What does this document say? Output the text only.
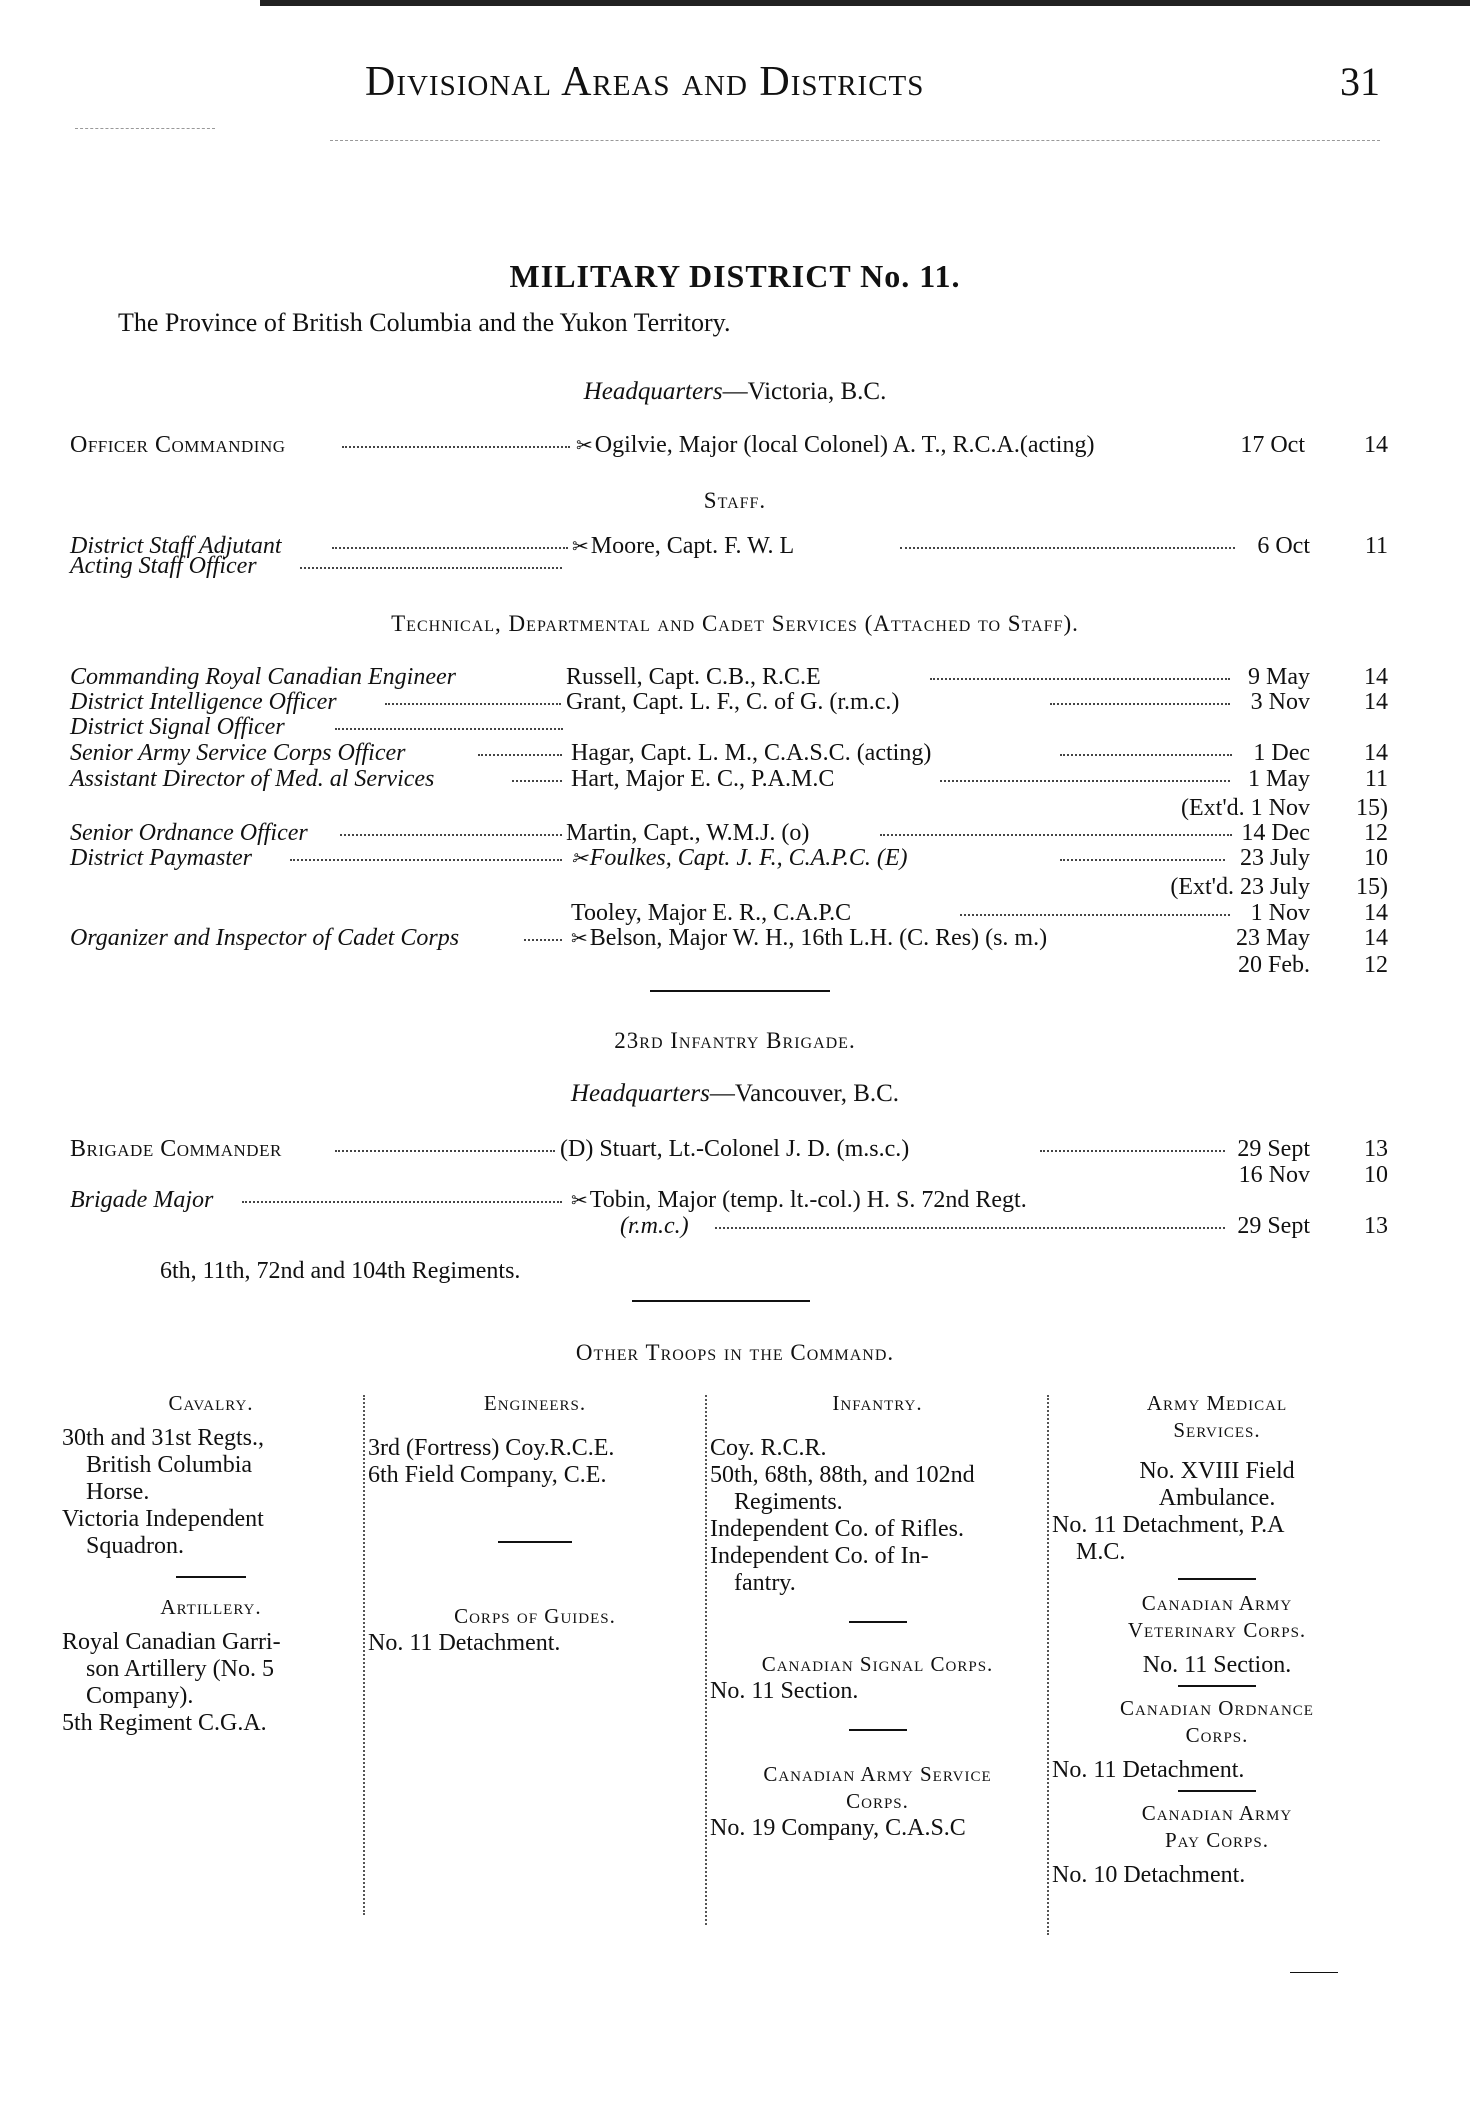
Divisional Areas and Districts	31
MILITARY DISTRICT No. 11.
The Province of British Columbia and the Yukon Territory.
Headquarters—Victoria, B.C.
Officer Commanding	✂Ogilvie, Major (local Colonel) A. T., R.C.A.(acting)	17 Oct	14
Staff.
District Staff Adjutant	✂Moore, Capt. F. W. L	6 Oct	11
Acting Staff Officer
Technical, Departmental and Cadet Services (Attached to Staff).
Commanding Royal Canadian Engineer	Russell, Capt. C.B., R.C.E	9 May	14
District Intelligence Officer	Grant, Capt. L. F., C. of G. (r.m.c.)	3 Nov	14
District Signal Officer
Senior Army Service Corps Officer	Hagar, Capt. L. M., C.A.S.C. (acting)	1 Dec	14
Assistant Director of Med. al Services	Hart, Major E. C., P.A.M.C	1 May	11
(Ext'd. 1 Nov	15)
Senior Ordnance Officer	Martin, Capt., W.M.J. (o)	14 Dec	12
District Paymaster	✂Foulkes, Capt. J. F., C.A.P.C. (E)	23 July	10
(Ext'd. 23 July	15)
Tooley, Major E. R., C.A.P.C	1 Nov	14
Organizer and Inspector of Cadet Corps	✂Belson, Major W. H., 16th L.H. (C. Res) (s. m.)	23 May	14
20 Feb.	12
23rd Infantry Brigade.
Headquarters—Vancouver, B.C.
Brigade Commander	(D) Stuart, Lt.-Colonel J. D. (m.s.c.)	29 Sept	13
16 Nov	10
Brigade Major	✂Tobin, Major (temp. lt.-col.) H. S. 72nd Regt.
(r.m.c.)	29 Sept	13
6th, 11th, 72nd and 104th Regiments.
Other Troops in the Command.
Cavalry.
30th and 31st Regts.,
British Columbia
Horse.
Victoria Independent
Squadron.
Artillery.
Royal Canadian Garri-
son Artillery (No. 5
Company).
5th Regiment C.G.A.
Engineers.
3rd (Fortress) Coy.R.C.E.
6th Field Company, C.E.
Corps of Guides.
No. 11 Detachment.
Infantry.
Coy. R.C.R.
50th, 68th, 88th, and 102nd
Regiments.
Independent Co. of Rifles.
Independent Co. of In-
fantry.
Canadian Signal Corps.
No. 11 Section.
Canadian Army Service
Corps.
No. 19 Company, C.A.S.C
Army Medical
Services.
No. XVIII Field
Ambulance.
No. 11 Detachment, P.A
M.C.
Canadian Army
Veterinary Corps.
No. 11 Section.
Canadian Ordnance
Corps.
No. 11 Detachment.
Canadian Army
Pay Corps.
No. 10 Detachment.
